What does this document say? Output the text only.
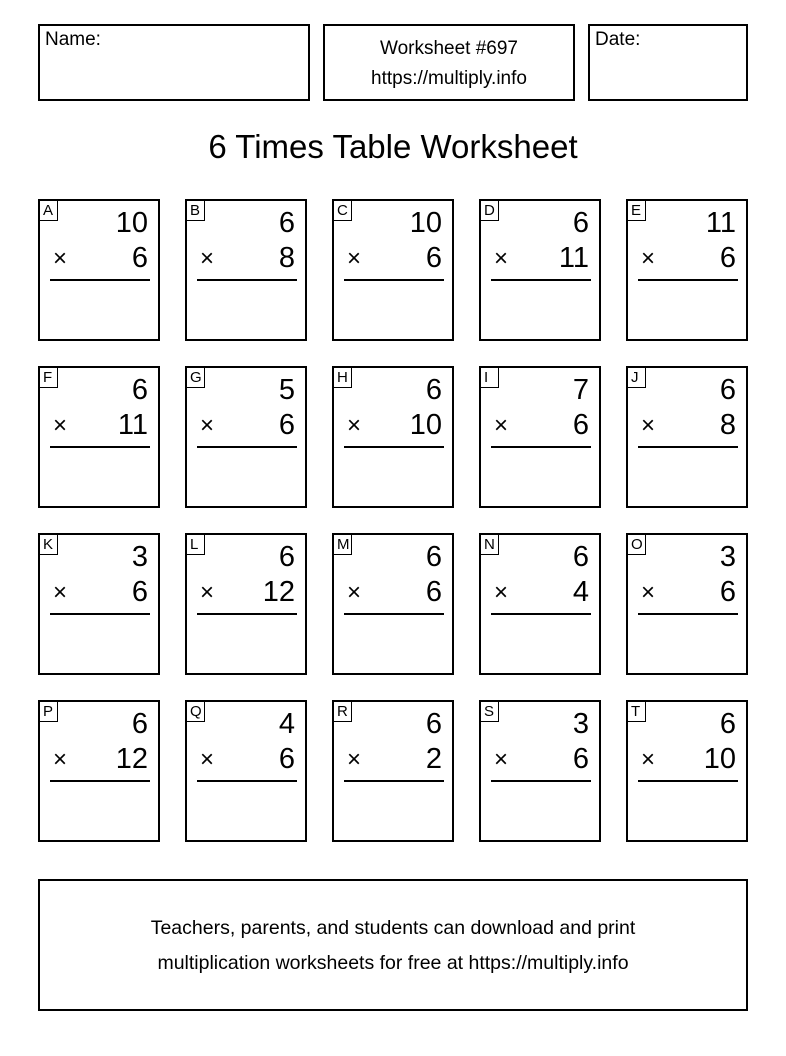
Name:	Worksheet #697
https://multiply.info
Date:
6 Times Table Worksheet
A 10
× 6
B	6
× 8
C 10
× 6
D	6
× 11
E 11
× 6
F	6
× 11
G	5
× 6
H	6
× 10
I	7
× 6
J	6
× 8
K	3
× 6
L	6
× 12
M	6
× 6
N	6
× 4
O	3
× 6
P	6
× 12
Q	4
× 6
R	6
× 2
S	3
× 6
T	6
× 10
Teachers, parents, and students can download and print
multiplication worksheets for free at https://multiply.info
